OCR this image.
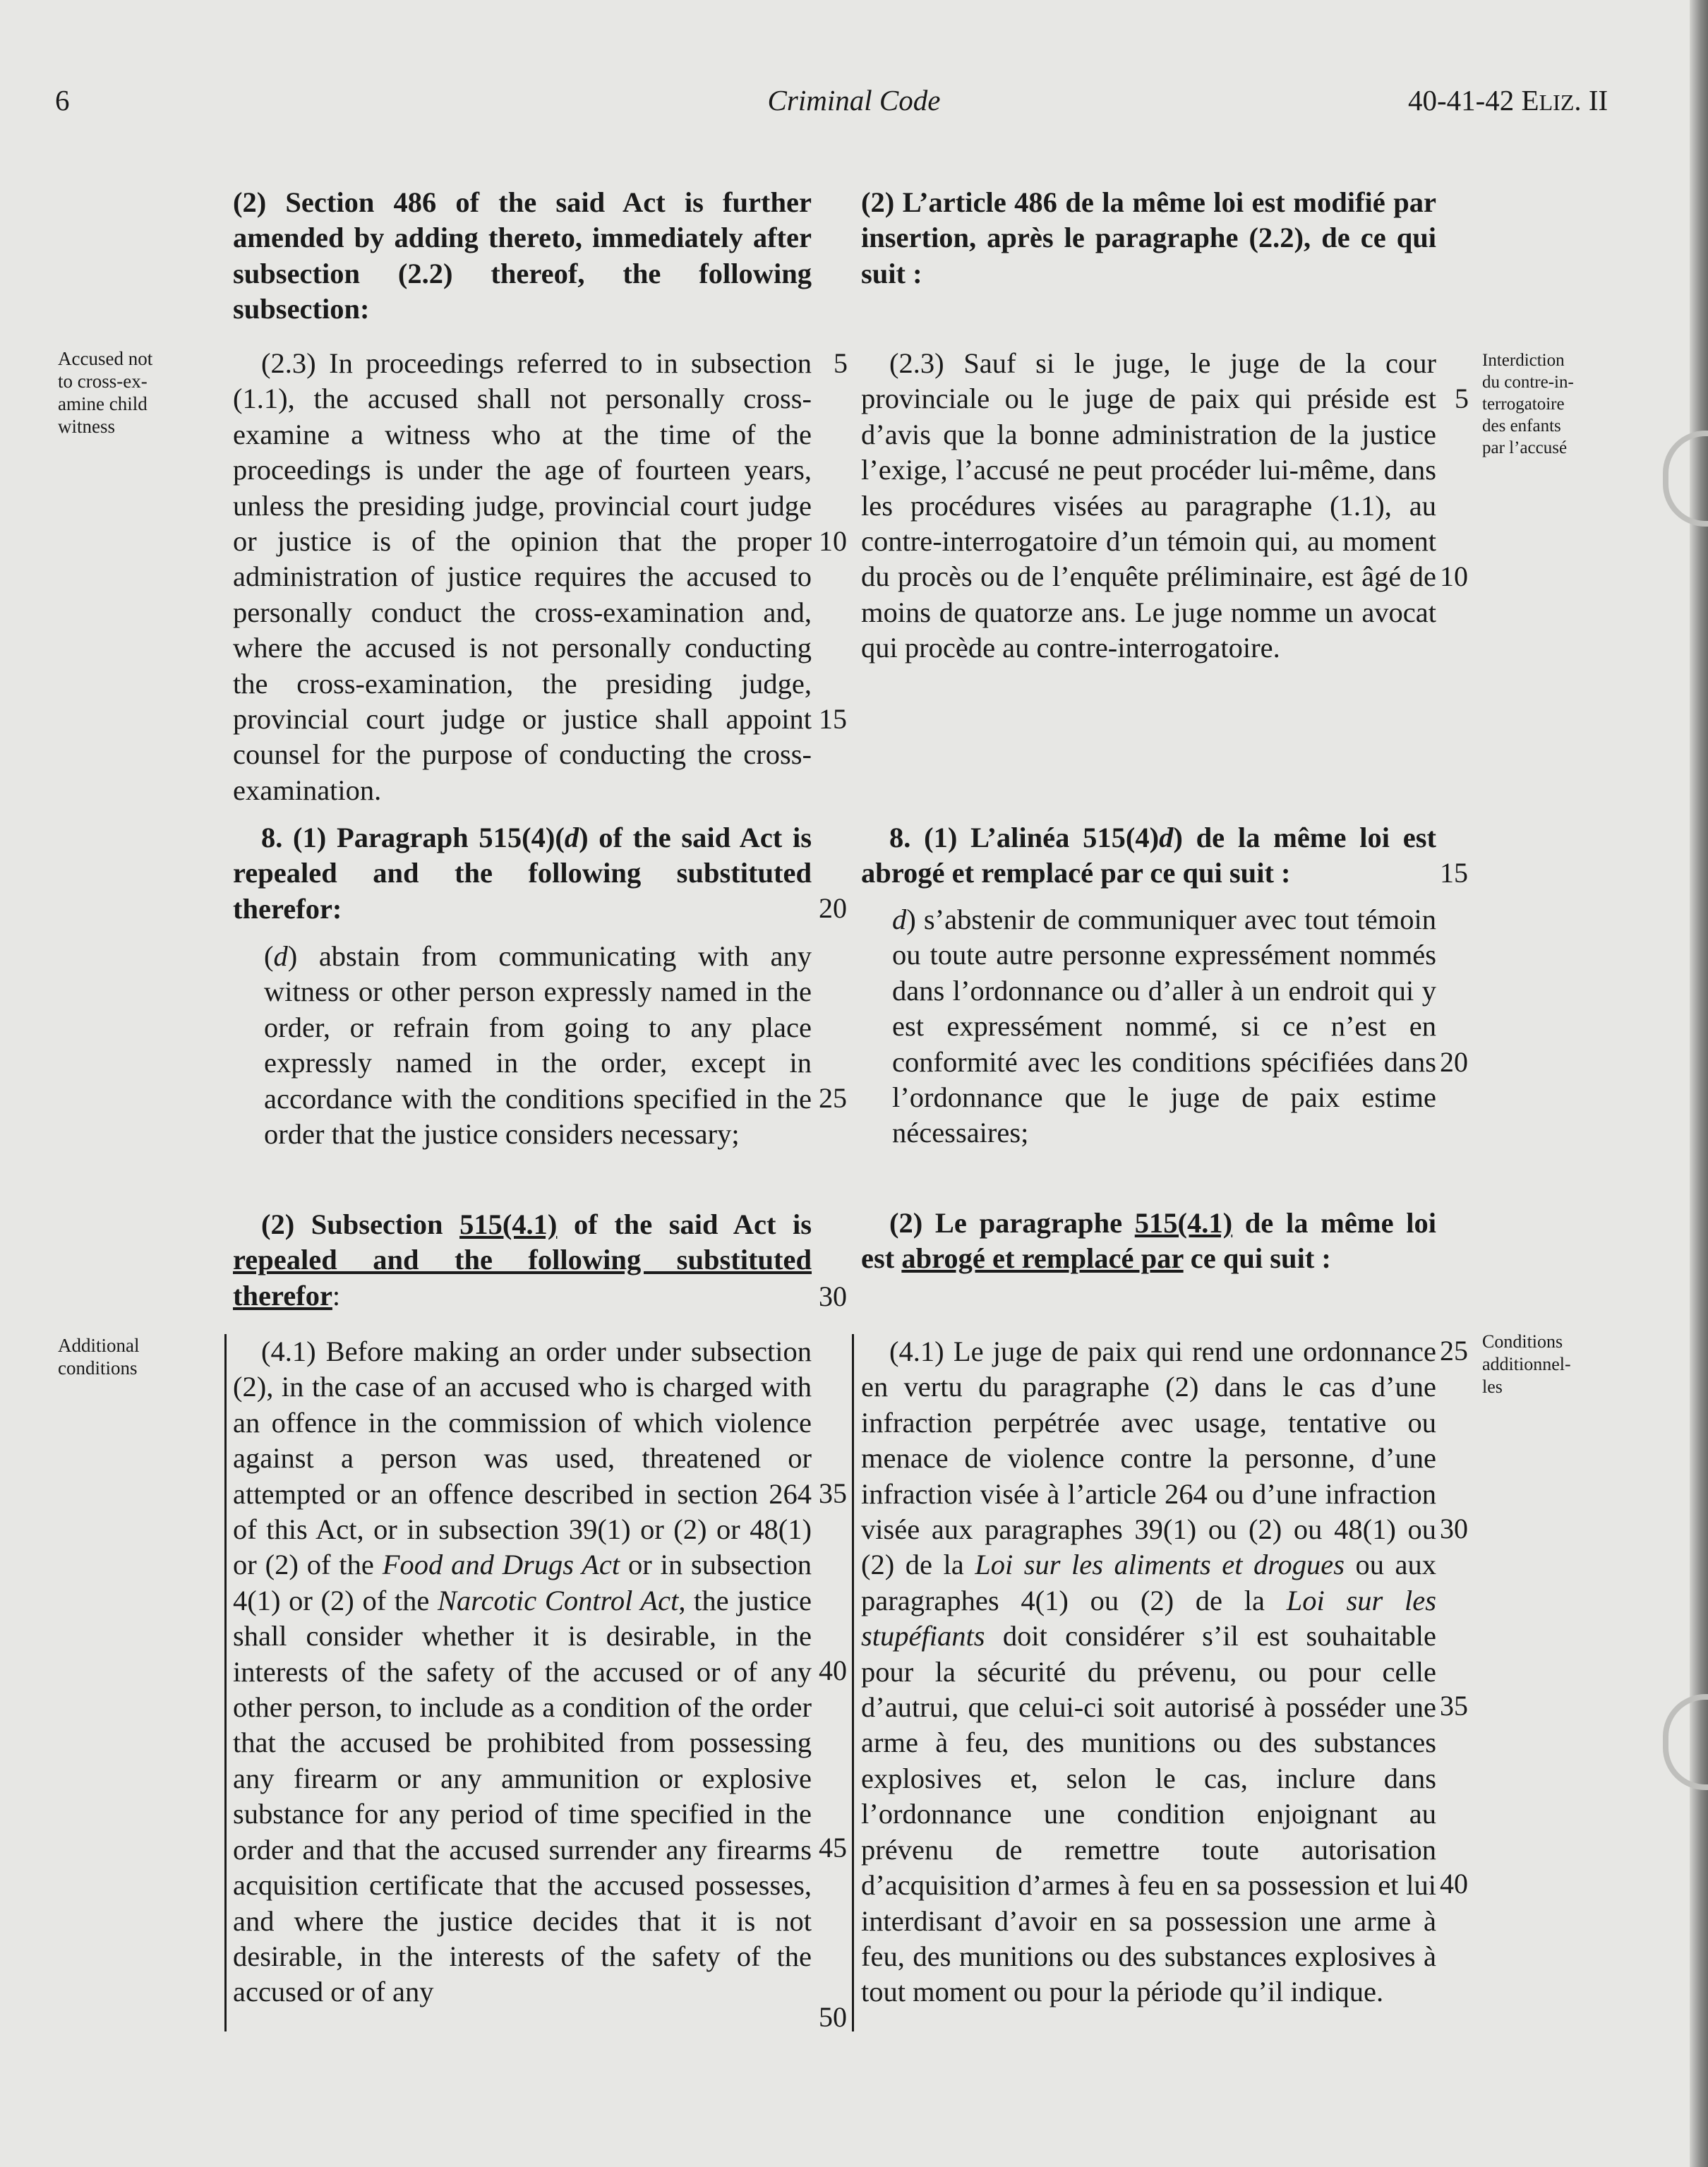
6	Criminal Code	40-41-42 ELIZ. II
Accused not
to cross-ex-
amine child
witness
Interdiction
du contre-in-
terrogatoire
des enfants
par l’accusé
Additional
conditions
Conditions
additionnel-
les

(2) Section 486 of the said Act is further amended by adding thereto, immediately after subsection (2.2) thereof, the following subsection:

(2.3) In proceedings referred to in subsection (1.1), the accused shall not personally cross-examine a witness who at the time of the proceedings is under the age of fourteen years, unless the presiding judge, provincial court judge or justice is of the opinion that the proper administration of justice requires the accused to personally conduct the cross-examination and, where the accused is not personally conducting the cross-examination, the presiding judge, provincial court judge or justice shall appoint counsel for the purpose of conducting the cross-examination.

8. (1) Paragraph 515(4)(d) of the said Act is repealed and the following substituted therefor:

(d) abstain from communicating with any witness or other person expressly named in the order, or refrain from going to any place expressly named in the order, except in accordance with the conditions specified in the order that the justice considers necessary;

(2) Subsection 515(4.1) of the said Act is repealed and the following substituted therefor:

(4.1) Before making an order under subsection (2), in the case of an accused who is charged with an offence in the commission of which violence against a person was used, threatened or attempted or an offence described in section 264 of this Act, or in subsection 39(1) or (2) or 48(1) or (2) of the Food and Drugs Act or in subsection 4(1) or (2) of the Narcotic Control Act, the justice shall consider whether it is desirable, in the interests of the safety of the accused or of any other person, to include as a condition of the order that the accused be prohibited from possessing any firearm or any ammunition or explosive substance for any period of time specified in the order and that the accused surrender any firearms acquisition certificate that the accused possesses, and where the justice decides that it is not desirable, in the interests of the safety of the accused or of any

5
10
15
20
25
30
35
40
45
50

(2) L’article 486 de la même loi est modifié par insertion, après le paragraphe (2.2), de ce qui suit :

(2.3) Sauf si le juge, le juge de la cour provinciale ou le juge de paix qui préside est d’avis que la bonne administration de la justice l’exige, l’accusé ne peut procéder lui-même, dans les procédures visées au paragraphe (1.1), au contre-interrogatoire d’un témoin qui, au moment du procès ou de l’enquête préliminaire, est âgé de moins de quatorze ans. Le juge nomme un avocat qui procède au contre-interrogatoire.

8. (1) L’alinéa 515(4)d) de la même loi est abrogé et remplacé par ce qui suit :

d) s’abstenir de communiquer avec tout témoin ou toute autre personne expressément nommés dans l’ordonnance ou d’aller à un endroit qui y est expressément nommé, si ce n’est en conformité avec les conditions spécifiées dans l’ordonnance que le juge de paix estime nécessaires;

(2) Le paragraphe 515(4.1) de la même loi est abrogé et remplacé par ce qui suit :

(4.1) Le juge de paix qui rend une ordonnance en vertu du paragraphe (2) dans le cas d’une infraction perpétrée avec usage, tentative ou menace de violence contre la personne, d’une infraction visée à l’article 264 ou d’une infraction visée aux paragraphes 39(1) ou (2) ou 48(1) ou (2) de la Loi sur les aliments et drogues ou aux paragraphes 4(1) ou (2) de la Loi sur les stupéfiants doit considérer s’il est souhaitable pour la sécurité du prévenu, ou pour celle d’autrui, que celui-ci soit autorisé à posséder une arme à feu, des munitions ou des substances explosives et, selon le cas, inclure dans l’ordonnance une condition enjoignant au prévenu de remettre toute autorisation d’acquisition d’armes à feu en sa possession et lui interdisant d’avoir en sa possession une arme à feu, des munitions ou des substances explosives à tout moment ou pour la période qu’il indique.

5
10
15
20
25
30
35
40
